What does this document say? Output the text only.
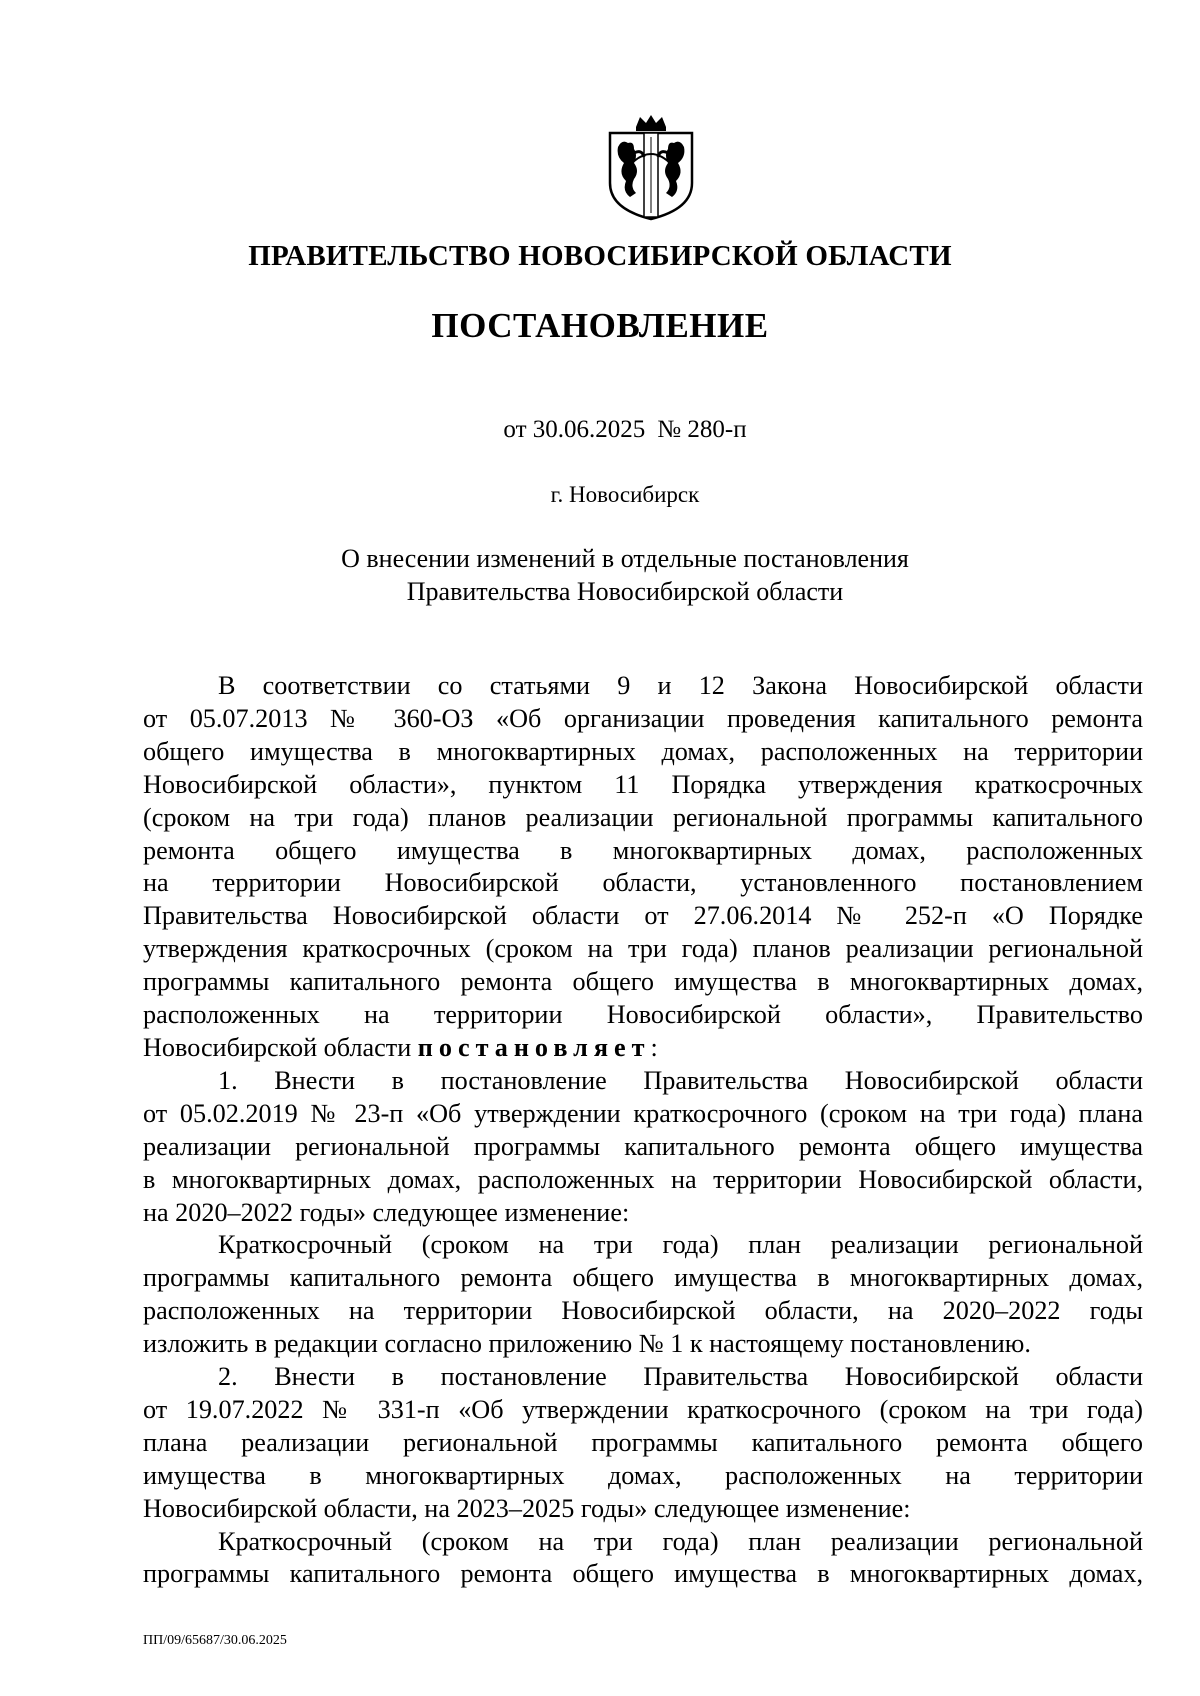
ПРАВИТЕЛЬСТВО НОВОСИБИРСКОЙ ОБЛАСТИ
ПОСТАНОВЛЕНИЕ
от 30.06.2025 № 280-п
г. Новосибирск
О внесении изменений в отдельные постановления
Правительства Новосибирской области
В соответствии со статьями 9 и 12 Закона Новосибирской области
от 05.07.2013 № 360-ОЗ «Об организации проведения капитального ремонта
общего имущества в многоквартирных домах, расположенных на территории
Новосибирской области», пунктом 11 Порядка утверждения краткосрочных
(сроком на три года) планов реализации региональной программы капитального
ремонта общего имущества в многоквартирных домах, расположенных
на территории Новосибирской области, установленного постановлением
Правительства Новосибирской области от 27.06.2014 № 252-п «О Порядке
утверждения краткосрочных (сроком на три года) планов реализации региональной
программы капитального ремонта общего имущества в многоквартирных домах,
расположенных на территории Новосибирской области», Правительство
Новосибирской области постановляет:
1. Внести в постановление Правительства Новосибирской области
от 05.02.2019 № 23-п «Об утверждении краткосрочного (сроком на три года) плана
реализации региональной программы капитального ремонта общего имущества
в многоквартирных домах, расположенных на территории Новосибирской области,
на 2020–2022 годы» следующее изменение:
Краткосрочный (сроком на три года) план реализации региональной
программы капитального ремонта общего имущества в многоквартирных домах,
расположенных на территории Новосибирской области, на 2020–2022 годы
изложить в редакции согласно приложению № 1 к настоящему постановлению.
2. Внести в постановление Правительства Новосибирской области
от 19.07.2022 № 331-п «Об утверждении краткосрочного (сроком на три года)
плана реализации региональной программы капитального ремонта общего
имущества в многоквартирных домах, расположенных на территории
Новосибирской области, на 2023–2025 годы» следующее изменение:
Краткосрочный (сроком на три года) план реализации региональной
программы капитального ремонта общего имущества в многоквартирных домах,
ПП/09/65687/30.06.2025
